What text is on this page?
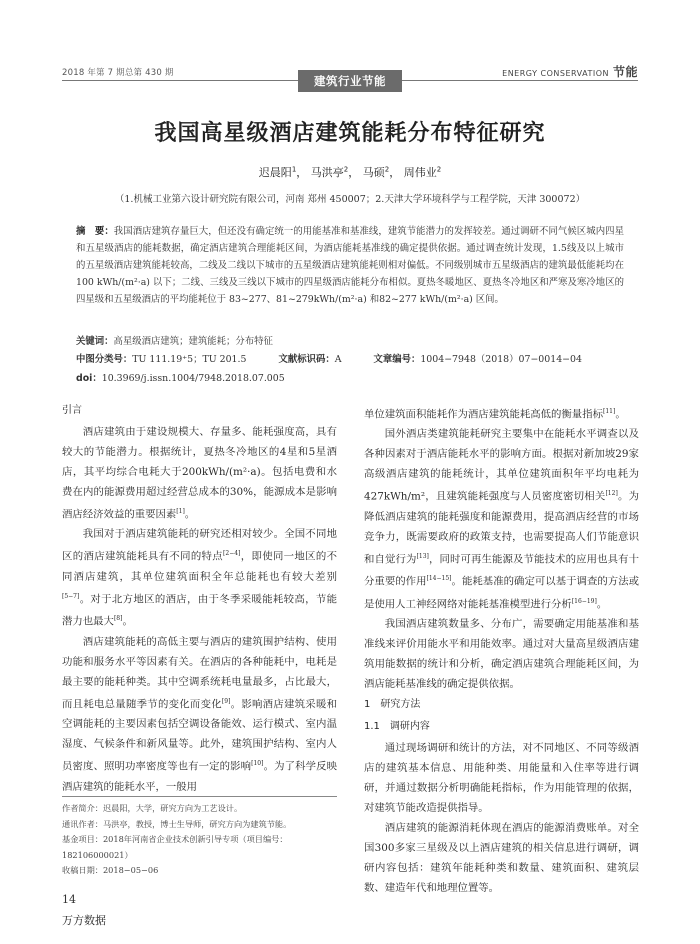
2018 年第 7 期总第 430 期	ENERGY CONSERVATION 节能
建筑行业节能
我国高星级酒店建筑能耗分布特征研究
迟晨阳$^1$， 马洪亭$^2$， 马硕$^2$， 周伟业$^2$
（1.机械工业第六设计研究院有限公司，河南 郑州 450007；2.天津大学环境科学与工程学院，天津 300072）
摘　要：我国酒店建筑存量巨大，但还没有确定统一的用能基准和基准线，建筑节能潜力的发挥较差。通过调研不同气候区城内四星和五星级酒店的能耗数据，确定酒店建筑合理能耗区间，为酒店能耗基准线的确定提供依据。通过调查统计发现，1.5线及以上城市的五星级酒店建筑能耗较高，二线及二线以下城市的五星级酒店建筑能耗则相对偏低。不同级别城市五星级酒店的建筑最低能耗均在 100 kWh/(m²·a) 以下；二线、三线及三线以下城市的四星级酒店能耗分布相似。夏热冬暖地区、夏热冬冷地区和严寒及寒冷地区的四星级和五星级酒店的平均能耗位于 83~277、81~279kWh/(m²·a) 和82~277 kWh/(m²·a) 区间。
关键词：高星级酒店建筑；建筑能耗；分布特征
中图分类号：TU 111.19⁺5；TU 201.5	文献标识码：A	文章编号：1004−7948（2018）07−0014−04
doi：10.3969/j.issn.1004/7948.2018.07.005

引言

酒店建筑由于建设规模大、存量多、能耗强度高，具有较大的节能潜力。根据统计，夏热冬冷地区的4星和5星酒店，其平均综合电耗大于200kWh/(m²·a)。包括电费和水费在内的能源费用超过经营总成本的30%，能源成本是影响酒店经济效益的重要因素[1]。

我国对于酒店建筑能耗的研究还相对较少。全国不同地区的酒店建筑能耗具有不同的特点[2−4]，即使同一地区的不同酒店建筑，其单位建筑面积全年总能耗也有较大差别[5−7]。对于北方地区的酒店，由于冬季采暖能耗较高，节能潜力也最大[8]。

酒店建筑能耗的高低主要与酒店的建筑围护结构、使用功能和服务水平等因素有关。在酒店的各种能耗中，电耗是最主要的能耗种类。其中空调系统耗电量最多，占比最大，而且耗电总量随季节的变化而变化[9]。影响酒店建筑采暖和空调能耗的主要因素包括空调设备能效、运行模式、室内温湿度、气候条件和新风量等。此外，建筑围护结构、室内人员密度、照明功率密度等也有一定的影响[10]。为了科学反映酒店建筑的能耗水平，一般用

作者简介：迟晨阳，大学，研究方向为工艺设计。
通讯作者：马洪亭，教授，博士生导师，研究方向为建筑节能。
基金项目：2018年河南省企业技术创新引导专项（项目编号：182106000021）
收稿日期：2018−05−06

单位建筑面积能耗作为酒店建筑能耗高低的衡量指标[11]。

国外酒店类建筑能耗研究主要集中在能耗水平调查以及各种因素对于酒店能耗水平的影响方面。根据对新加坡29家高级酒店建筑的能耗统计，其单位建筑面积年平均电耗为427kWh/m²，且建筑能耗强度与人员密度密切相关[12]。为降低酒店建筑的能耗强度和能源费用，提高酒店经营的市场竞争力，既需要政府的政策支持，也需要提高人们节能意识和自觉行为[13]，同时可再生能源及节能技术的应用也具有十分重要的作用[14−15]。能耗基准的确定可以基于调查的方法或是使用人工神经网络对能耗基准模型进行分析[16−19]。

我国酒店建筑数量多、分布广，需要确定用能基准和基准线来评价用能水平和用能效率。通过对大量高星级酒店建筑用能数据的统计和分析，确定酒店建筑合理能耗区间，为酒店能耗基准线的确定提供依据。

1　研究方法

1.1　调研内容

通过现场调研和统计的方法，对不同地区、不同等级酒店的建筑基本信息、用能种类、用能量和入住率等进行调研，并通过数据分析明确能耗指标，作为用能管理的依据，对建筑节能改造提供指导。

酒店建筑的能源消耗体现在酒店的能源消费账单。对全国300多家三星级及以上酒店建筑的相关信息进行调研，调研内容包括：建筑年能耗种类和数量、建筑面积、建筑层数、建造年代和地理位置等。

14
万方数据
